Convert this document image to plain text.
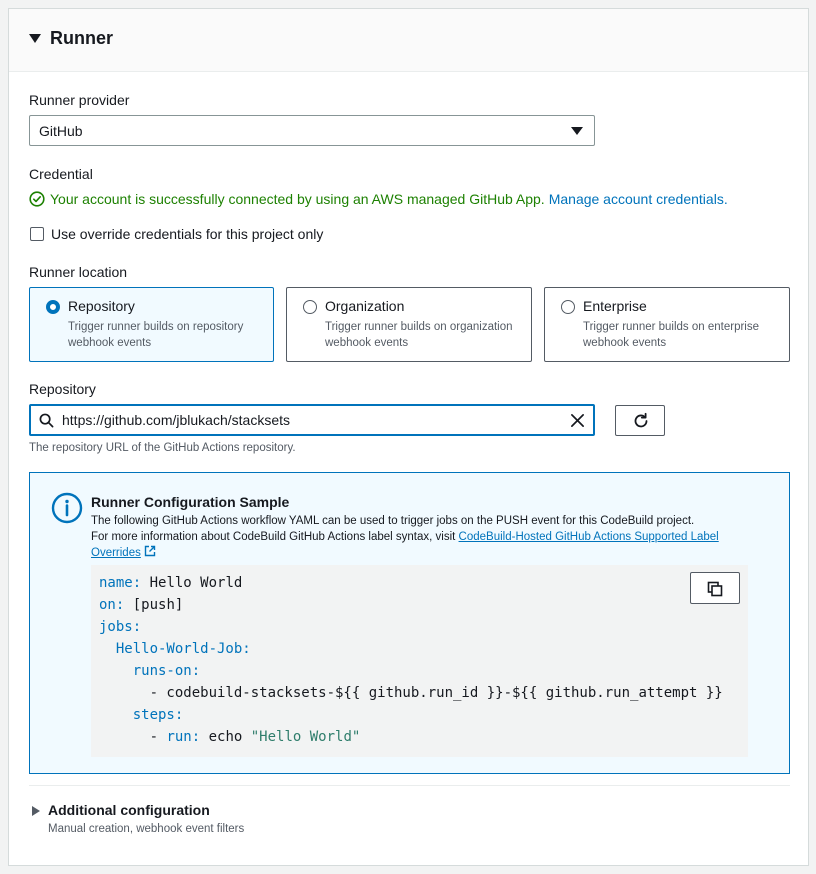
Runner
Runner provider
GitHub
Credential
Your account is successfully connected by using an AWS managed GitHub App. Manage account credentials.
Use override credentials for this project only
Runner location
Repository
Trigger runner builds on repository webhook events
Organization
Trigger runner builds on organization webhook events
Enterprise
Trigger runner builds on enterprise webhook events
Repository
https://github.com/jblukach/stacksets
The repository URL of the GitHub Actions repository.
Runner Configuration Sample
The following GitHub Actions workflow YAML can be used to trigger jobs on the PUSH event for this CodeBuild project.
For more information about CodeBuild GitHub Actions label syntax, visit CodeBuild-Hosted GitHub Actions Supported Label Overrides
name: Hello World
on: [push]
jobs:
Hello-World-Job:
runs-on:
- codebuild-stacksets-${{ github.run_id }}-${{ github.run_attempt }}
steps:
- run: echo "Hello World"
Additional configuration
Manual creation, webhook event filters
